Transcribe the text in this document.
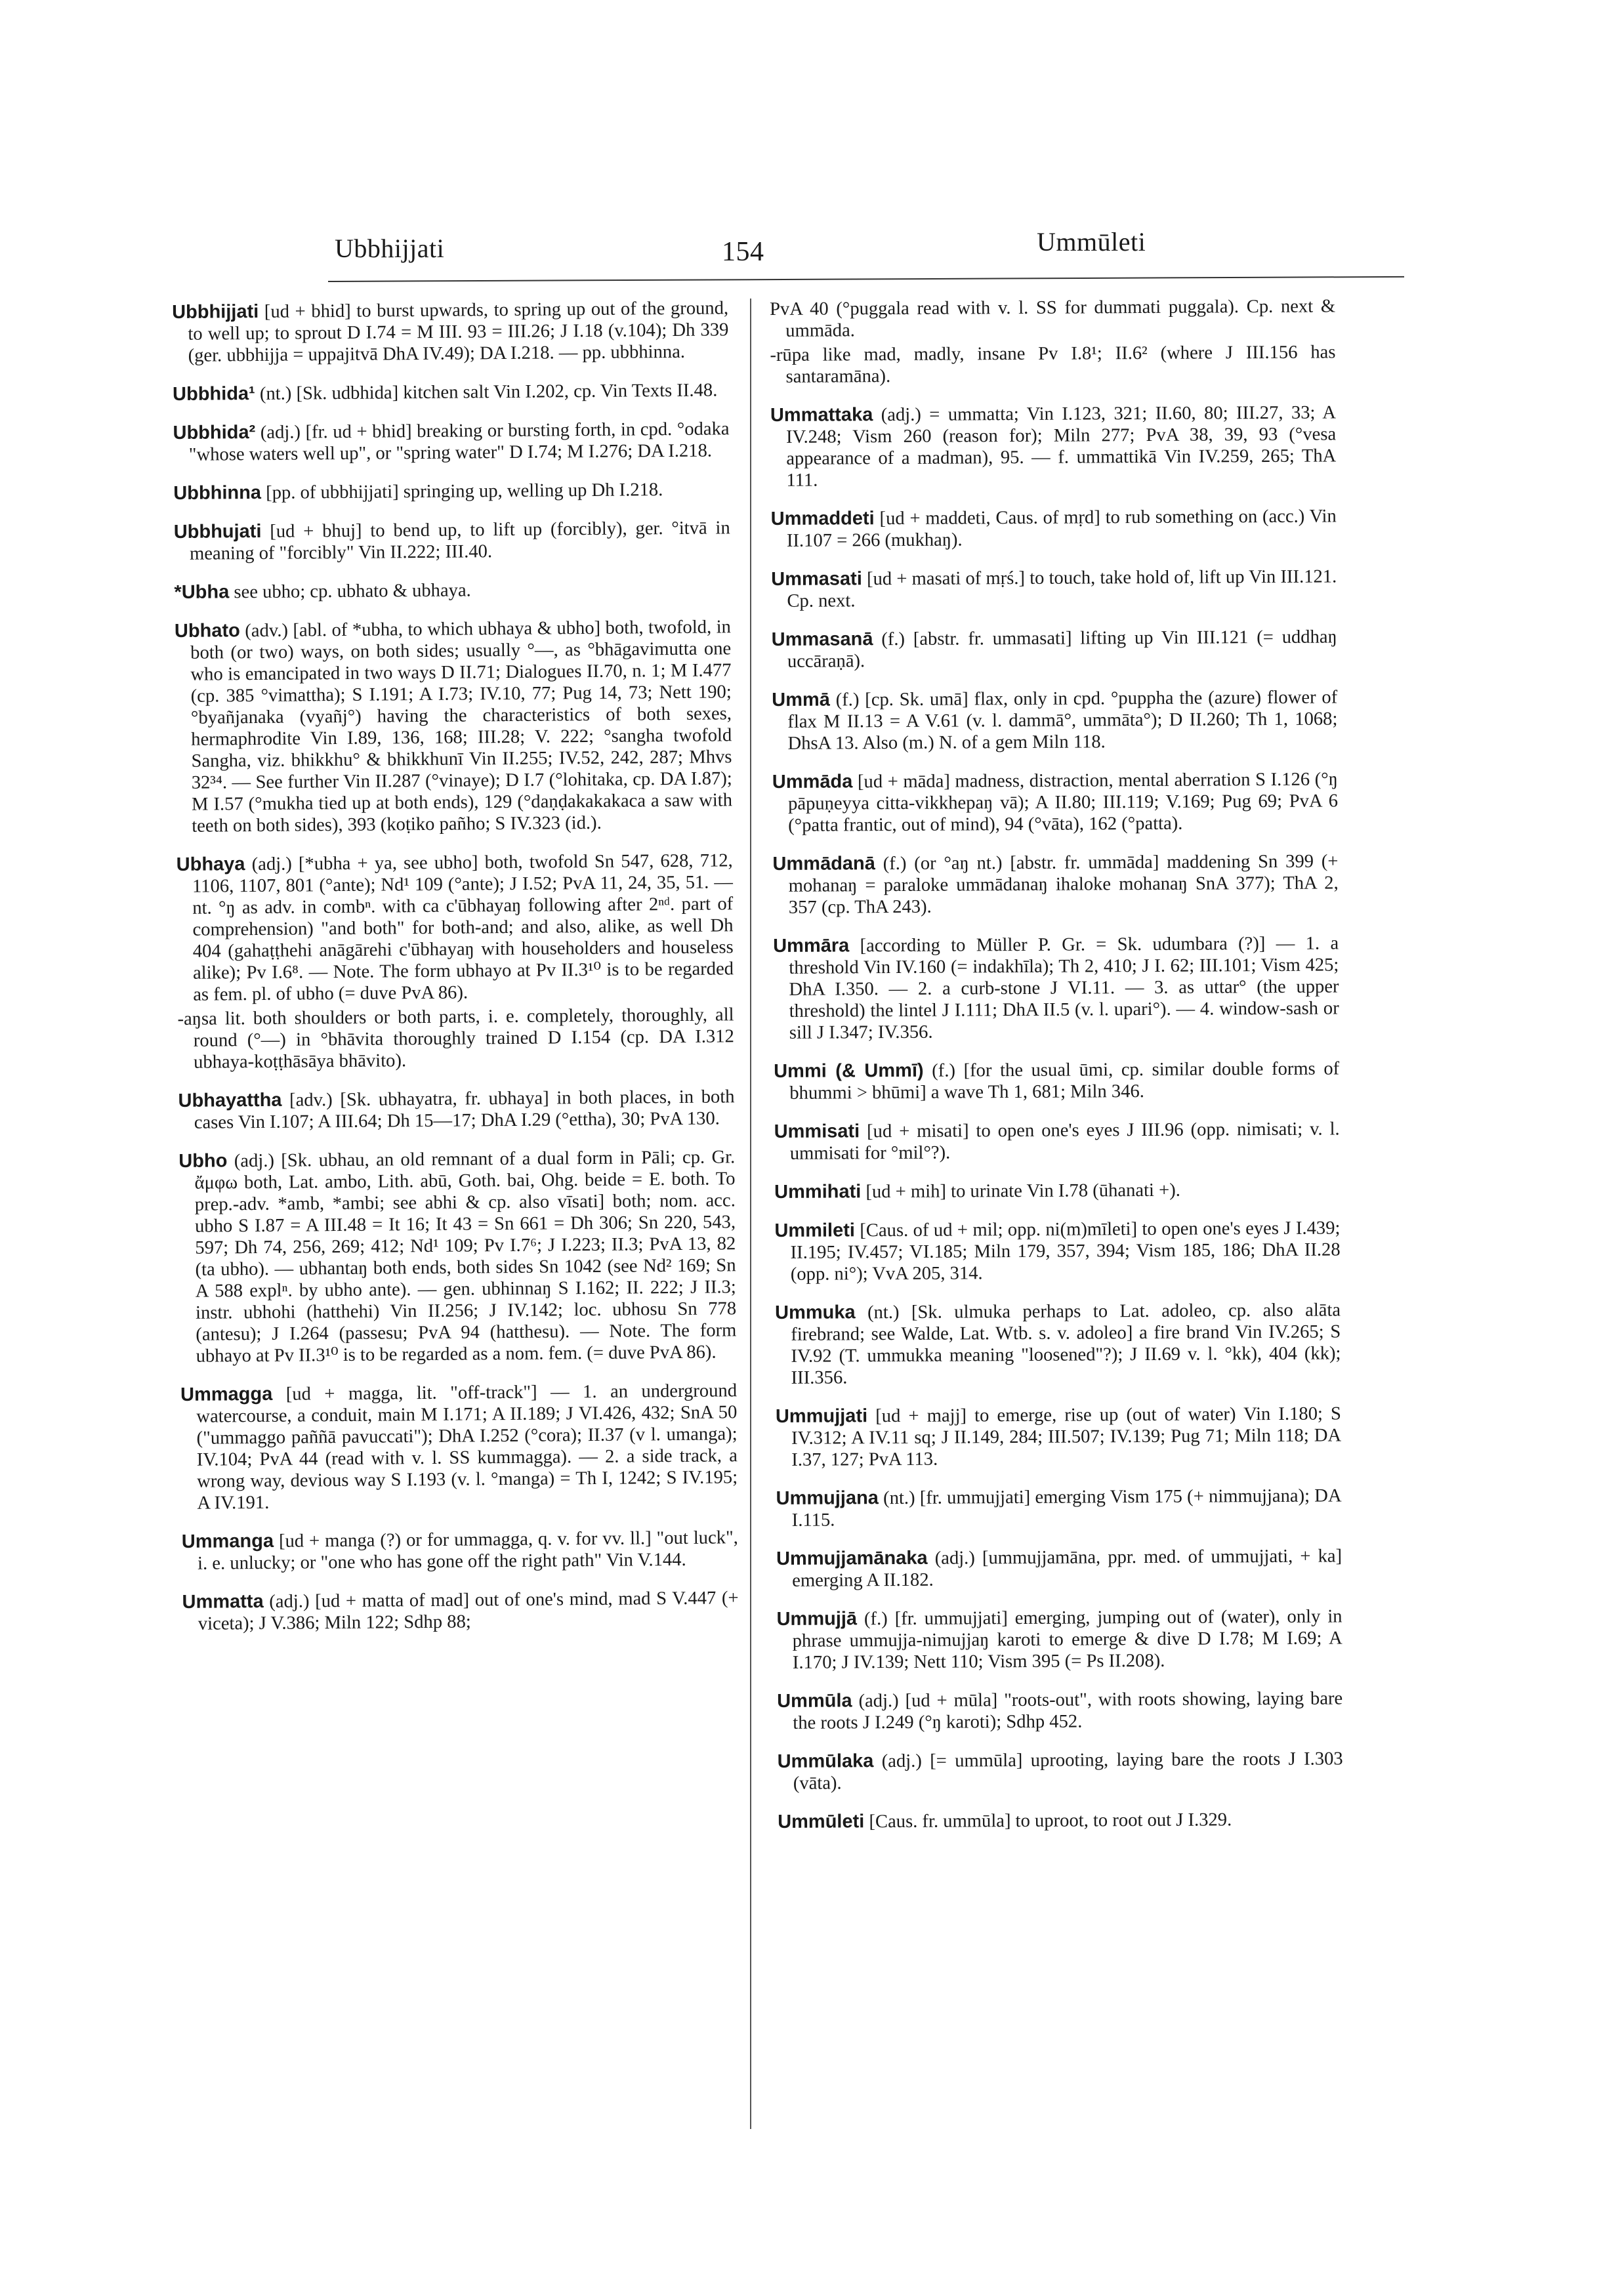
Ubbhijjati	154	Ummūleti

Ubbhijjati [ud + bhid] to burst upwards, to spring up out of the ground, to well up; to sprout D I.74 = M III. 93 = III.26; J I.18 (v.104); Dh 339 (ger. ubbhijja = uppajitvā DhA IV.49); DA I.218. — pp. ubbhinna.

Ubbhida¹ (nt.) [Sk. udbhida] kitchen salt Vin I.202, cp. Vin Texts II.48.

Ubbhida² (adj.) [fr. ud + bhid] breaking or bursting forth, in cpd. °odaka "whose waters well up", or "spring water" D I.74; M I.276; DA I.218.

Ubbhinna [pp. of ubbhijjati] springing up, welling up Dh I.218.

Ubbhujati [ud + bhuj] to bend up, to lift up (forcibly), ger. °itvā in meaning of "forcibly" Vin II.222; III.40.

*Ubha see ubho; cp. ubhato & ubhaya.

Ubhato (adv.) [abl. of *ubha, to which ubhaya & ubho] both, twofold, in both (or two) ways, on both sides; usually °—, as °bhāgavimutta one who is emancipated in two ways D II.71; Dialogues II.70, n. 1; M I.477 (cp. 385 °vimattha); S I.191; A I.73; IV.10, 77; Pug 14, 73; Nett 190; °byañjanaka (vyañj°) having the characteristics of both sexes, hermaphrodite Vin I.89, 136, 168; III.28; V. 222; °sangha twofold Sangha, viz. bhikkhu° & bhikkhunī Vin II.255; IV.52, 242, 287; Mhvs 32³⁴. — See further Vin II.287 (°vinaye); D I.7 (°lohitaka, cp. DA I.87); M I.57 (°mukha tied up at both ends), 129 (°daṇḍakakakaca a saw with teeth on both sides), 393 (koṭiko pañho; S IV.323 (id.).

Ubhaya (adj.) [*ubha + ya, see ubho] both, twofold Sn 547, 628, 712, 1106, 1107, 801 (°ante); Nd¹ 109 (°ante); J I.52; PvA 11, 24, 35, 51. — nt. °ŋ as adv. in combⁿ. with ca c'ūbhayaŋ following after 2ⁿᵈ. part of comprehension) "and both" for both-and; and also, alike, as well Dh 404 (gahaṭṭhehi anāgārehi c'ūbhayaŋ with householders and houseless alike); Pv I.6⁸. — Note. The form ubhayo at Pv II.3¹⁰ is to be regarded as fem. pl. of ubho (= duve PvA 86).

-aŋsa lit. both shoulders or both parts, i. e. completely, thoroughly, all round (°—) in °bhāvita thoroughly trained D I.154 (cp. DA I.312 ubhaya-koṭṭhāsāya bhāvito).

Ubhayattha [adv.) [Sk. ubhayatra, fr. ubhaya] in both places, in both cases Vin I.107; A III.64; Dh 15—17; DhA I.29 (°ettha), 30; PvA 130.

Ubho (adj.) [Sk. ubhau, an old remnant of a dual form in Pāli; cp. Gr. ἄμφω both, Lat. ambo, Lith. abū, Goth. bai, Ohg. beide = E. both. To prep.-adv. *amb, *ambi; see abhi & cp. also vīsati] both; nom. acc. ubho S I.87 = A III.48 = It 16; It 43 = Sn 661 = Dh 306; Sn 220, 543, 597; Dh 74, 256, 269; 412; Nd¹ 109; Pv I.7⁶; J I.223; II.3; PvA 13, 82 (ta ubho). — ubhantaŋ both ends, both sides Sn 1042 (see Nd² 169; Sn A 588 explⁿ. by ubho ante). — gen. ubhinnaŋ S I.162; II. 222; J II.3; instr. ubhohi (hatthehi) Vin II.256; J IV.142; loc. ubhosu Sn 778 (antesu); J I.264 (passesu; PvA 94 (hatthesu). — Note. The form ubhayo at Pv II.3¹⁰ is to be regarded as a nom. fem. (= duve PvA 86).

Ummagga [ud + magga, lit. "off-track"] — 1. an underground watercourse, a conduit, main M I.171; A II.189; J VI.426, 432; SnA 50 ("ummaggo paññā pavuccati"); DhA I.252 (°cora); II.37 (v l. umanga); IV.104; PvA 44 (read with v. l. SS kummagga). — 2. a side track, a wrong way, devious way S I.193 (v. l. °manga) = Th I, 1242; S IV.195; A IV.191.

Ummanga [ud + manga (?) or for ummagga, q. v. for vv. ll.] "out luck", i. e. unlucky; or "one who has gone off the right path" Vin V.144.

Ummatta (adj.) [ud + matta of mad] out of one's mind, mad S V.447 (+ viceta); J V.386; Miln 122; Sdhp 88;

PvA 40 (°puggala read with v. l. SS for dummati puggala). Cp. next & ummāda.

-rūpa like mad, madly, insane Pv I.8¹; II.6² (where J III.156 has santaramāna).

Ummattaka (adj.) = ummatta; Vin I.123, 321; II.60, 80; III.27, 33; A IV.248; Vism 260 (reason for); Miln 277; PvA 38, 39, 93 (°vesa appearance of a madman), 95. — f. ummattikā Vin IV.259, 265; ThA 111.

Ummaddeti [ud + maddeti, Caus. of mṛd] to rub something on (acc.) Vin II.107 = 266 (mukhaŋ).

Ummasati [ud + masati of mṛś.] to touch, take hold of, lift up Vin III.121. Cp. next.

Ummasanā (f.) [abstr. fr. ummasati] lifting up Vin III.121 (= uddhaŋ uccāraṇā).

Ummā (f.) [cp. Sk. umā] flax, only in cpd. °puppha the (azure) flower of flax M II.13 = A V.61 (v. l. dammā°, ummāta°); D II.260; Th 1, 1068; DhsA 13. Also (m.) N. of a gem Miln 118.

Ummāda [ud + māda] madness, distraction, mental aberration S I.126 (°ŋ pāpuṇeyya citta-vikkhepaŋ vā); A II.80; III.119; V.169; Pug 69; PvA 6 (°patta frantic, out of mind), 94 (°vāta), 162 (°patta).

Ummādanā (f.) (or °aŋ nt.) [abstr. fr. ummāda] maddening Sn 399 (+ mohanaŋ = paraloke ummādanaŋ ihaloke mohanaŋ SnA 377); ThA 2, 357 (cp. ThA 243).

Ummāra [according to Müller P. Gr. = Sk. udumbara (?)] — 1. a threshold Vin IV.160 (= indakhīla); Th 2, 410; J I. 62; III.101; Vism 425; DhA I.350. — 2. a curb-stone J VI.11. — 3. as uttar° (the upper threshold) the lintel J I.111; DhA II.5 (v. l. upari°). — 4. window-sash or sill J I.347; IV.356.

Ummi (& Ummī) (f.) [for the usual ūmi, cp. similar double forms of bhummi > bhūmi] a wave Th 1, 681; Miln 346.

Ummisati [ud + misati] to open one's eyes J III.96 (opp. nimisati; v. l. ummisati for °mil°?).

Ummihati [ud + mih] to urinate Vin I.78 (ūhanati +).

Ummileti [Caus. of ud + mil; opp. ni(m)mīleti] to open one's eyes J I.439; II.195; IV.457; VI.185; Miln 179, 357, 394; Vism 185, 186; DhA II.28 (opp. ni°); VvA 205, 314.

Ummuka (nt.) [Sk. ulmuka perhaps to Lat. adoleo, cp. also alāta firebrand; see Walde, Lat. Wtb. s. v. adoleo] a fire brand Vin IV.265; S IV.92 (T. ummukka meaning "loosened"?); J II.69 v. l. °kk), 404 (kk); III.356.

Ummujjati [ud + majj] to emerge, rise up (out of water) Vin I.180; S IV.312; A IV.11 sq; J II.149, 284; III.507; IV.139; Pug 71; Miln 118; DA I.37, 127; PvA 113.

Ummujjana (nt.) [fr. ummujjati] emerging Vism 175 (+ nimmujjana); DA I.115.

Ummujjamānaka (adj.) [ummujjamāna, ppr. med. of ummujjati, + ka] emerging A II.182.

Ummujjā (f.) [fr. ummujjati] emerging, jumping out of (water), only in phrase ummujja-nimujjaŋ karoti to emerge & dive D I.78; M I.69; A I.170; J IV.139; Nett 110; Vism 395 (= Ps II.208).

Ummūla (adj.) [ud + mūla] "roots-out", with roots showing, laying bare the roots J I.249 (°ŋ karoti); Sdhp 452.

Ummūlaka (adj.) [= ummūla] uprooting, laying bare the roots J I.303 (vāta).

Ummūleti [Caus. fr. ummūla] to uproot, to root out J I.329.
